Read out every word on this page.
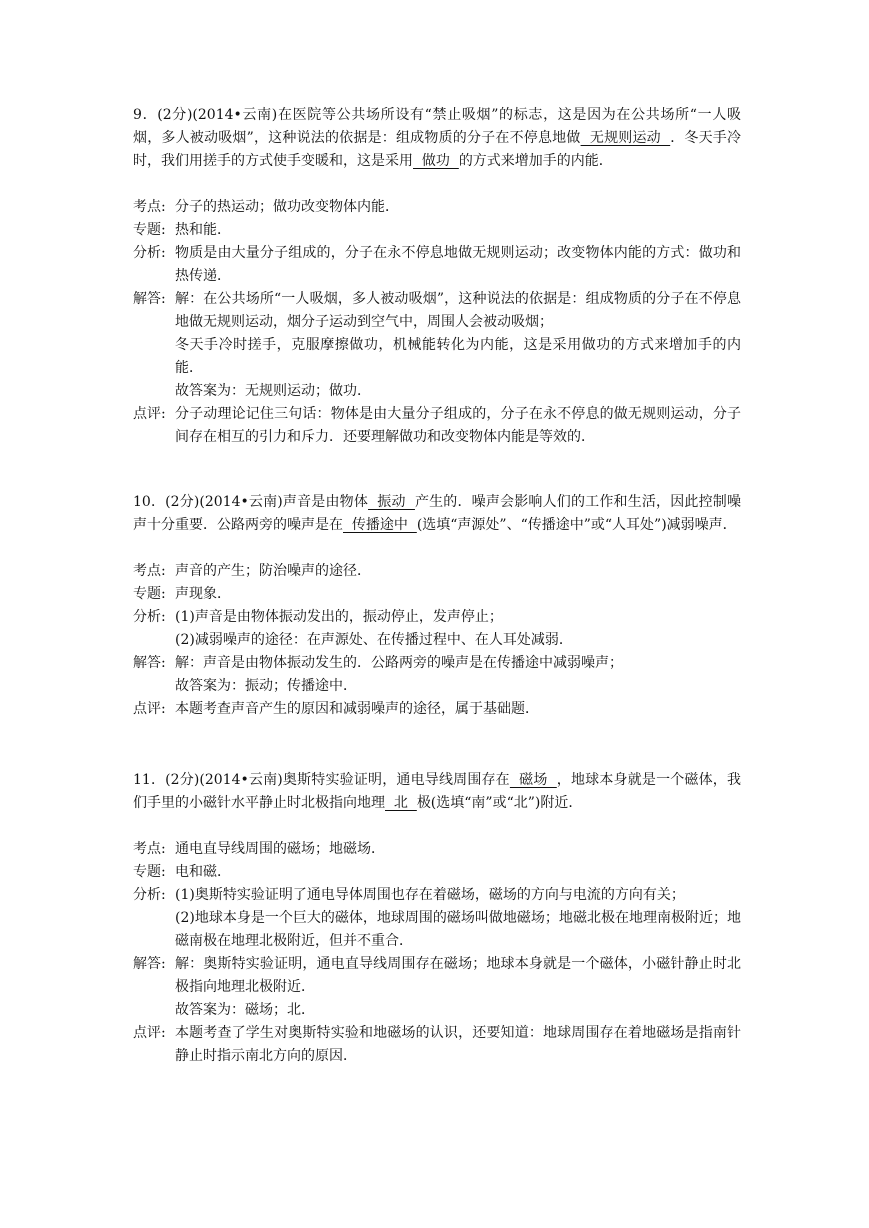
9．(2分)(2014•云南)在医院等公共场所设有“禁止吸烟”的标志，这是因为在公共场所“一人吸烟，多人被动吸烟”，这种说法的依据是：组成物质的分子在不停息地做  无规则运动  ．冬天手冷时，我们用搓手的方式使手变暖和，这是采用  做功  的方式来增加手的内能．

考点: 分子的热运动；做功改变物体内能．

专题: 热和能．

分析: 物质是由大量分子组成的，分子在永不停息地做无规则运动；改变物体内能的方式：做功和热传递．

解答: 解：在公共场所“一人吸烟，多人被动吸烟”，这种说法的依据是：组成物质的分子在不停息地做无规则运动，烟分子运动到空气中，周围人会被动吸烟；

冬天手冷时搓手，克服摩擦做功，机械能转化为内能，这是采用做功的方式来增加手的内能．

故答案为：无规则运动；做功．

点评: 分子动理论记住三句话：物体是由大量分子组成的，分子在永不停息的做无规则运动，分子间存在相互的引力和斥力．还要理解做功和改变物体内能是等效的．

10．(2分)(2014•云南)声音是由物体  振动  产生的．噪声会影响人们的工作和生活，因此控制噪声十分重要．公路两旁的噪声是在  传播途中  (选填“声源处”、“传播途中”或“人耳处”)减弱噪声．

考点: 声音的产生；防治噪声的途径．

专题: 声现象．

分析: (1)声音是由物体振动发出的，振动停止，发声停止；

(2)减弱噪声的途径：在声源处、在传播过程中、在人耳处减弱．

解答: 解：声音是由物体振动发生的．公路两旁的噪声是在传播途中减弱噪声；

故答案为：振动；传播途中．

点评: 本题考查声音产生的原因和减弱噪声的途径，属于基础题．

11．(2分)(2014•云南)奥斯特实验证明，通电导线周围存在  磁场  ，地球本身就是一个磁体，我们手里的小磁针水平静止时北极指向地理  北  极(选填“南”或“北”)附近．

考点: 通电直导线周围的磁场；地磁场．

专题: 电和磁．

分析: (1)奥斯特实验证明了通电导体周围也存在着磁场，磁场的方向与电流的方向有关；

(2)地球本身是一个巨大的磁体，地球周围的磁场叫做地磁场；地磁北极在地理南极附近；地磁南极在地理北极附近，但并不重合．

解答: 解：奥斯特实验证明，通电直导线周围存在磁场；地球本身就是一个磁体，小磁针静止时北极指向地理北极附近．

故答案为：磁场；北．

点评: 本题考查了学生对奥斯特实验和地磁场的认识，还要知道：地球周围存在着地磁场是指南针静止时指示南北方向的原因．
